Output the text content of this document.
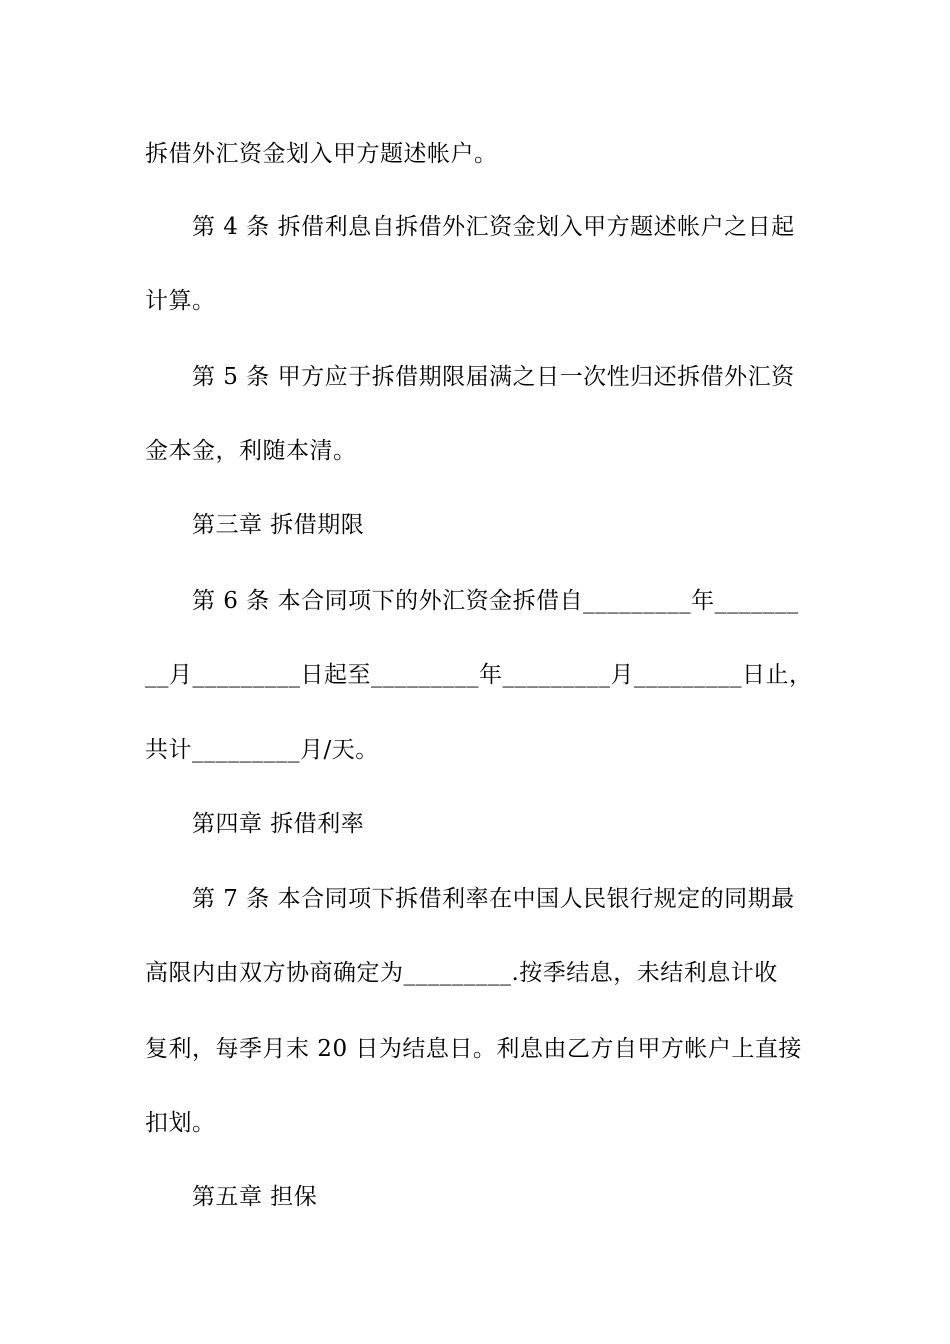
拆借外汇资金划入甲方题述帐户。
第 4 条 拆借利息自拆借外汇资金划入甲方题述帐户之日起
计算。
第 5 条 甲方应于拆借期限届满之日一次性归还拆借外汇资
金本金，利随本清。
第三章 拆借期限
第 6 条 本合同项下的外汇资金拆借自_________年_______
__月_________日起至_________年_________月_________日止，
共计_________月/天。
第四章 拆借利率
第 7 条 本合同项下拆借利率在中国人民银行规定的同期最
高限内由双方协商确定为_________.按季结息，未结利息计收
复利，每季月末 20 日为结息日。利息由乙方自甲方帐户上直接
扣划。
第五章 担保
